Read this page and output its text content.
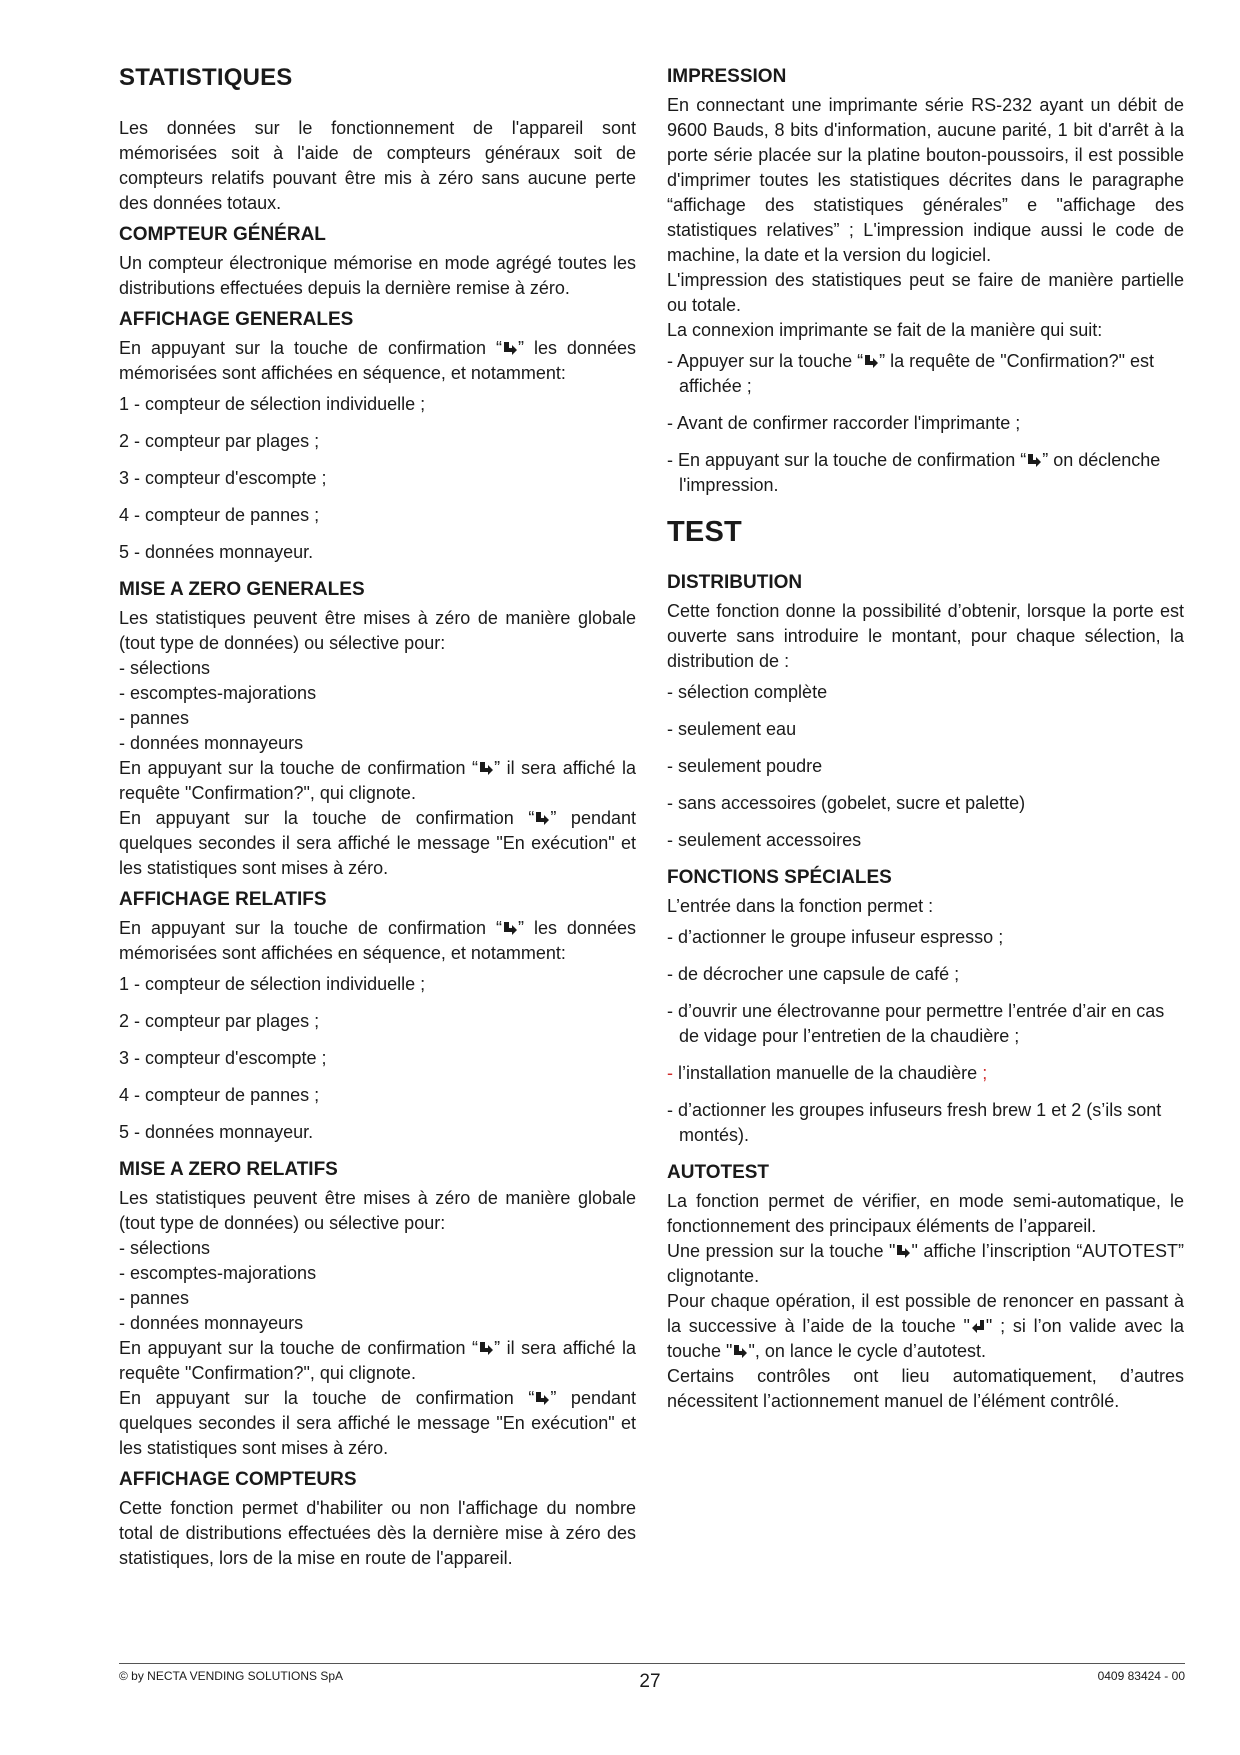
STATISTIQUES
Les données sur le fonctionnement de l'appareil sont mémorisées soit à l'aide de compteurs généraux soit de compteurs relatifs pouvant être mis à zéro sans aucune perte des données totaux.
COMPTEUR GÉNÉRAL
Un compteur électronique mémorise en mode agrégé toutes les distributions effectuées depuis la dernière remise à zéro.
AFFICHAGE GENERALES
En appuyant sur la touche de confirmation “ ” les données mémorisées sont affichées en séquence, et notamment:
1 - compteur de sélection individuelle ;
2 - compteur par plages ;
3 - compteur d'escompte ;
4 - compteur de pannes ;
5 - données monnayeur.
MISE A ZERO GENERALES
Les statistiques peuvent être mises à zéro de manière globale (tout type de données) ou sélective pour:
- sélections
- escomptes-majorations
- pannes
- données monnayeurs
En appuyant sur la touche de confirmation “ ” il sera affiché la requête "Confirmation?", qui clignote.
En appuyant sur la touche de confirmation “ ” pendant quelques secondes il sera affiché le message "En exécution" et les statistiques sont mises à zéro.
AFFICHAGE RELATIFS
En appuyant sur la touche de confirmation “ ” les données mémorisées sont affichées en séquence, et notamment:
1 - compteur de sélection individuelle ;
2 - compteur par plages ;
3 - compteur d'escompte ;
4 - compteur de pannes ;
5 - données monnayeur.
MISE A ZERO RELATIFS
Les statistiques peuvent être mises à zéro de manière globale (tout type de données) ou sélective pour:
- sélections
- escomptes-majorations
- pannes
- données monnayeurs
En appuyant sur la touche de confirmation “ ” il sera affiché la requête "Confirmation?", qui clignote.
En appuyant sur la touche de confirmation “ ” pendant quelques secondes il sera affiché le message "En exécution" et les statistiques sont mises à zéro.
AFFICHAGE COMPTEURS
Cette fonction permet d'habiliter ou non l'affichage du nombre total de distributions effectuées dès la dernière mise à zéro des statistiques, lors de la mise en route de l'appareil.
IMPRESSION
En connectant une imprimante série RS-232 ayant un débit de 9600 Bauds, 8 bits d'information, aucune parité, 1 bit d'arrêt à la porte série placée sur la platine bouton-poussoirs, il est possible d'imprimer toutes les statistiques décrites dans le paragraphe “affichage des statistiques générales” e "affichage des statistiques relatives” ; L'impression indique aussi le code de machine, la date et la version du logiciel.
L'impression des statistiques peut se faire de manière partielle ou totale.
La connexion imprimante se fait de la manière qui suit:
- Appuyer sur la touche “ ” la requête de "Confirmation?" est affichée ;
- Avant de confirmer raccorder l'imprimante ;
- En appuyant sur la touche de confirmation “ ” on déclenche l'impression.
TEST
DISTRIBUTION
Cette fonction donne la possibilité d’obtenir, lorsque la porte est ouverte sans introduire le montant, pour chaque sélection, la distribution de :
- sélection complète
- seulement eau
- seulement poudre
- sans accessoires (gobelet, sucre et palette)
- seulement accessoires
FONCTIONS SPÉCIALES
L’entrée dans la fonction permet :
- d’actionner le groupe infuseur espresso ;
- de décrocher une capsule de café ;
- d’ouvrir une électrovanne pour permettre l’entrée d’air en cas de vidage pour l’entretien de la chaudière ;
- l’installation manuelle de la chaudière ;
- d’actionner les groupes infuseurs fresh brew 1 et 2 (s’ils sont montés).
AUTOTEST
La fonction permet de vérifier, en mode semi-automatique, le fonctionnement des principaux éléments de l’appareil.
Une pression sur la touche " " affiche l’inscription “AUTOTEST” clignotante.
Pour chaque opération, il est possible de renoncer en passant à la successive à l’aide de la touche " " ; si l’on valide avec la touche " ", on lance le cycle d’autotest.
Certains contrôles ont lieu automatiquement, d’autres nécessitent l’actionnement manuel de l’élément contrôlé.
© by NECTA VENDING SOLUTIONS SpA	27	0409 83424 - 00
